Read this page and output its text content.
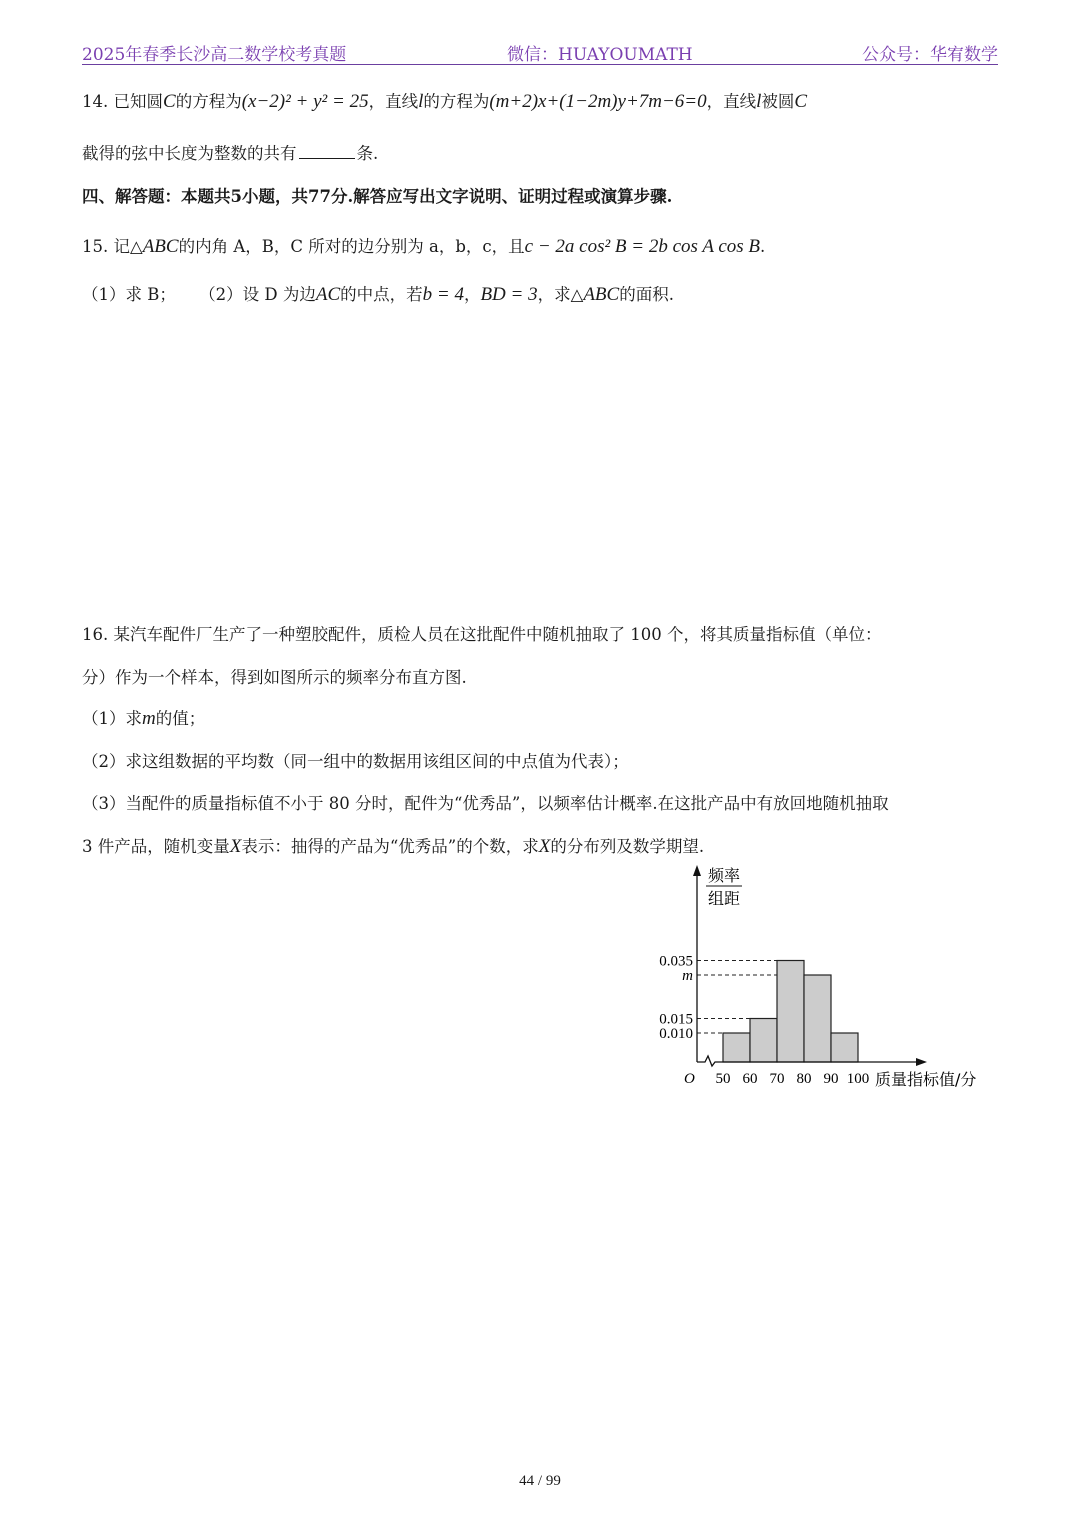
2025年春季长沙高二数学校考真题	微信：HUAYOUMATH	公众号：华宥数学
14. 已知圆C的方程为(x−2)² + y² = 25，直线l的方程为(m+2)x+(1−2m)y+7m−6=0，直线l被圆C
截得的弦中长度为整数的共有	条.
四、解答题：本题共5小题，共77分.解答应写出文字说明、证明过程或演算步骤.
15. 记△ABC的内角 A，B，C 所对的边分别为 a，b，c，且c − 2a cos² B = 2b cos A cos B.
（1）求 B； （2）设 D 为边AC的中点，若b = 4，BD = 3，求△ABC的面积.
16. 某汽车配件厂生产了一种塑胶配件，质检人员在这批配件中随机抽取了 100 个，将其质量指标值（单位：
分）作为一个样本，得到如图所示的频率分布直方图.
（1）求m的值；
（2）求这组数据的平均数（同一组中的数据用该组区间的中点值为代表）；
（3）当配件的质量指标值不小于 80 分时，配件为“优秀品”，以频率估计概率.在这批产品中有放回地随机抽取
3 件产品，随机变量X表示：抽得的产品为“优秀品”的个数，求X的分布列及数学期望.
0.035
m
0.015
0.010
50 60 70 80 90 100
O	质量指标值/分
频率
组距
44 / 99
